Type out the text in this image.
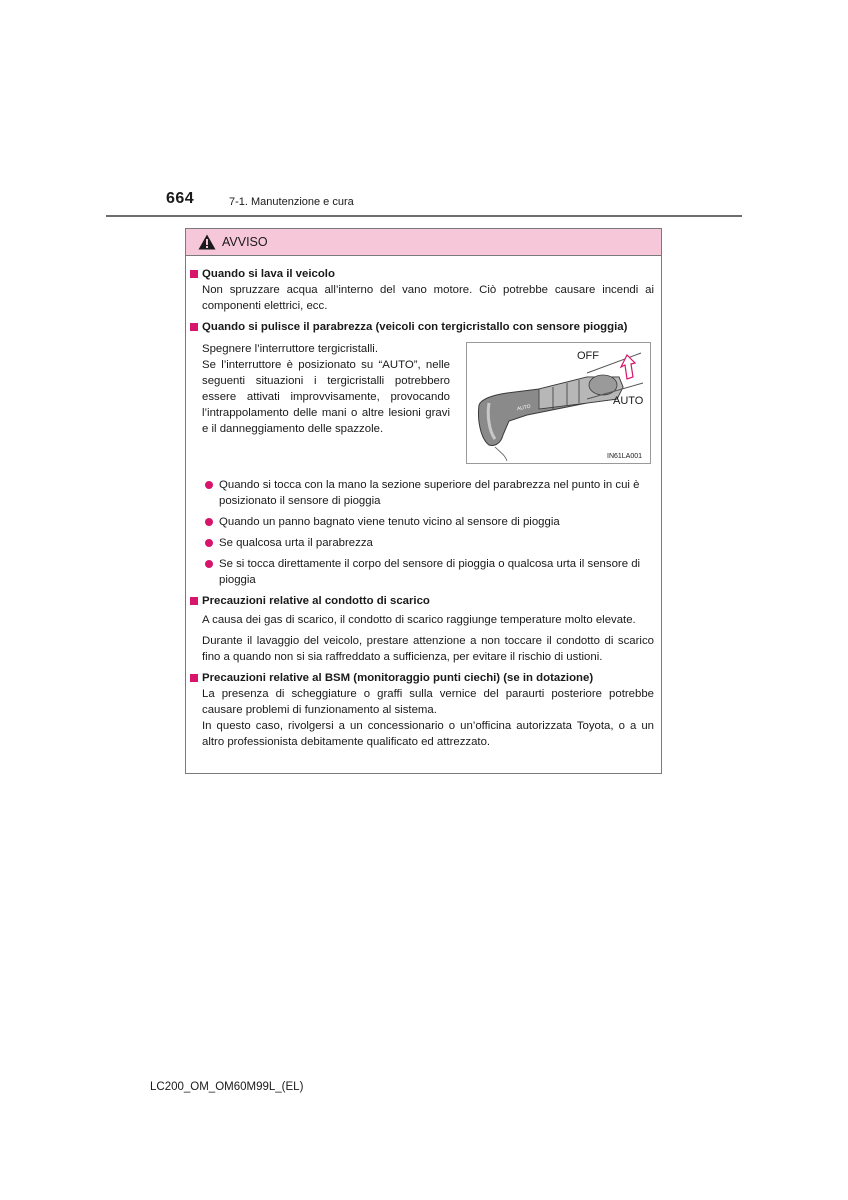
664	7-1. Manutenzione e cura
AVVISO
Quando si lava il veicolo
Non spruzzare acqua all’interno del vano motore. Ciò potrebbe causare incendi ai componenti elettrici, ecc.
Quando si pulisce il parabrezza (veicoli con tergicristallo con sensore pioggia)
Spegnere l’interruttore tergicristalli.
Se l’interruttore è posizionato su “AUTO”, nelle seguenti situazioni i tergicristalli potrebbero essere attivati improvvisamente, provocando l’intrappolamento delle mani o altre lesioni gravi e il danneggiamento delle spazzole.
OFF
AUTO
AUTO
IN61LA001
Quando si tocca con la mano la sezione superiore del parabrezza nel punto in cui è posizionato il sensore di pioggia
Quando un panno bagnato viene tenuto vicino al sensore di pioggia
Se qualcosa urta il parabrezza
Se si tocca direttamente il corpo del sensore di pioggia o qualcosa urta il sensore di pioggia
Precauzioni relative al condotto di scarico
A causa dei gas di scarico, il condotto di scarico raggiunge temperature molto elevate.
Durante il lavaggio del veicolo, prestare attenzione a non toccare il condotto di scarico fino a quando non si sia raffreddato a sufficienza, per evitare il rischio di ustioni.
Precauzioni relative al BSM (monitoraggio punti ciechi) (se in dotazione)
La presenza di scheggiature o graffi sulla vernice del paraurti posteriore potrebbe causare problemi di funzionamento al sistema.
In questo caso, rivolgersi a un concessionario o un’officina autorizzata Toyota, o a un altro professionista debitamente qualificato ed attrezzato.
LC200_OM_OM60M99L_(EL)
